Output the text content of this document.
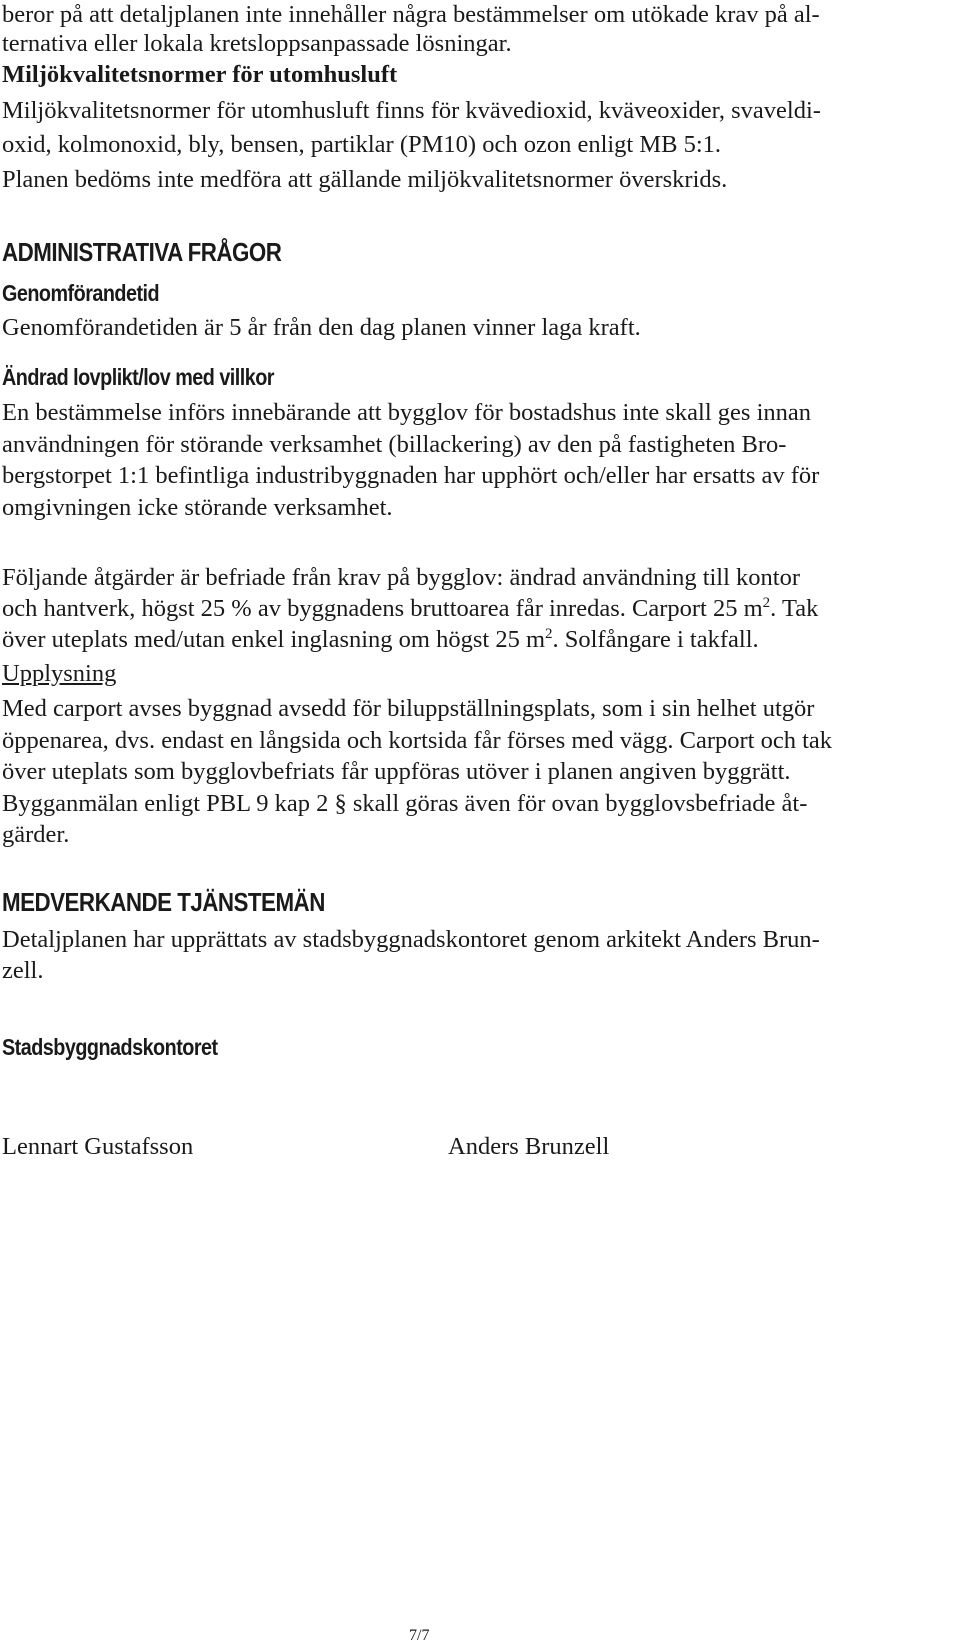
beror på att detaljplanen inte innehåller några bestämmelser om utökade krav på al-

ternativa eller lokala kretsloppsanpassade lösningar.

Miljökvalitetsnormer för utomhusluft

Miljökvalitetsnormer för utomhusluft finns för kvävedioxid, kväveoxider, svaveldi-

oxid, kolmonoxid, bly, bensen, partiklar (PM10) och ozon enligt MB 5:1.

Planen bedöms inte medföra att gällande miljökvalitetsnormer överskrids.

ADMINISTRATIVA FRÅGOR
Genomförandetid

Genomförandetiden är 5 år från den dag planen vinner laga kraft.

Ändrad lovplikt/lov med villkor

En bestämmelse införs innebärande att bygglov för bostadshus inte skall ges innan

användningen för störande verksamhet (billackering) av den på fastigheten Bro-

bergstorpet 1:1 befintliga industribyggnaden har upphört och/eller har ersatts av för

omgivningen icke störande verksamhet.

Följande åtgärder är befriade från krav på bygglov: ändrad användning till kontor

och hantverk, högst 25 % av byggnadens bruttoarea får inredas. Carport 25 $m^2$. Tak

över uteplats med/utan enkel inglasning om högst 25 $m^2$. Solfångare i takfall.

Upplysning

Med carport avses byggnad avsedd för biluppställningsplats, som i sin helhet utgör

öppenarea, dvs. endast en långsida och kortsida får förses med vägg. Carport och tak

över uteplats som bygglovbefriats får uppföras utöver i planen angiven byggrätt.

Bygganmälan enligt PBL 9 kap 2 § skall göras även för ovan bygglovsbefriade åt-

gärder.

MEDVERKANDE TJÄNSTEMÄN

Detaljplanen har upprättats av stadsbyggnadskontoret genom arkitekt Anders Brun-

zell.

Stadsbyggnadskontoret

Lennart Gustafsson	Anders Brunzell

7/7
